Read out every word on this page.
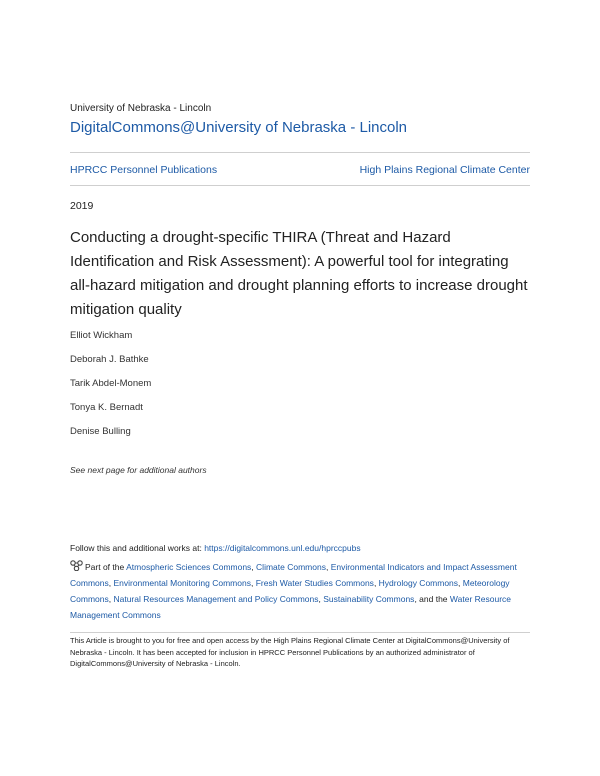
University of Nebraska - Lincoln
DigitalCommons@University of Nebraska - Lincoln
HPRCC Personnel Publications	High Plains Regional Climate Center
2019
Conducting a drought-specific THIRA (Threat and Hazard Identification and Risk Assessment): A powerful tool for integrating all-hazard mitigation and drought planning efforts to increase drought mitigation quality
Elliot Wickham
Deborah J. Bathke
Tarik Abdel-Monem
Tonya K. Bernadt
Denise Bulling
See next page for additional authors
Follow this and additional works at: https://digitalcommons.unl.edu/hprccpubs
Part of the Atmospheric Sciences Commons, Climate Commons, Environmental Indicators and Impact Assessment Commons, Environmental Monitoring Commons, Fresh Water Studies Commons, Hydrology Commons, Meteorology Commons, Natural Resources Management and Policy Commons, Sustainability Commons, and the Water Resource Management Commons
This Article is brought to you for free and open access by the High Plains Regional Climate Center at DigitalCommons@University of Nebraska - Lincoln. It has been accepted for inclusion in HPRCC Personnel Publications by an authorized administrator of DigitalCommons@University of Nebraska - Lincoln.
